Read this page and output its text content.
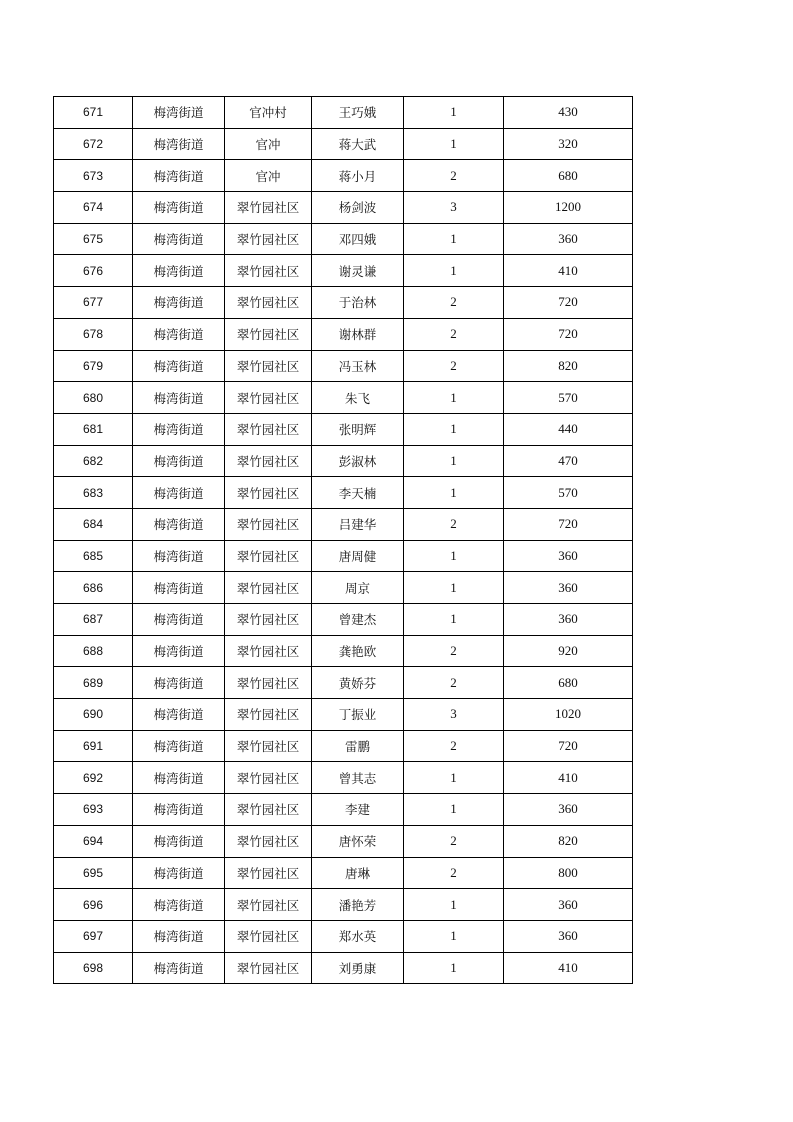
671	梅湾街道	官冲村	王巧娥	1	430
672	梅湾街道	官冲	蒋大武	1	320
673	梅湾街道	官冲	蒋小月	2	680
674	梅湾街道	翠竹园社区	杨剑波	3	1200
675	梅湾街道	翠竹园社区	邓四娥	1	360
676	梅湾街道	翠竹园社区	谢灵谦	1	410
677	梅湾街道	翠竹园社区	于治林	2	720
678	梅湾街道	翠竹园社区	谢林群	2	720
679	梅湾街道	翠竹园社区	冯玉林	2	820
680	梅湾街道	翠竹园社区	朱飞	1	570
681	梅湾街道	翠竹园社区	张明辉	1	440
682	梅湾街道	翠竹园社区	彭淑林	1	470
683	梅湾街道	翠竹园社区	李天楠	1	570
684	梅湾街道	翠竹园社区	吕建华	2	720
685	梅湾街道	翠竹园社区	唐周健	1	360
686	梅湾街道	翠竹园社区	周京	1	360
687	梅湾街道	翠竹园社区	曾建杰	1	360
688	梅湾街道	翠竹园社区	龚艳欧	2	920
689	梅湾街道	翠竹园社区	黄娇芬	2	680
690	梅湾街道	翠竹园社区	丁振业	3	1020
691	梅湾街道	翠竹园社区	雷鹏	2	720
692	梅湾街道	翠竹园社区	曾其志	1	410
693	梅湾街道	翠竹园社区	李建	1	360
694	梅湾街道	翠竹园社区	唐怀荣	2	820
695	梅湾街道	翠竹园社区	唐琳	2	800
696	梅湾街道	翠竹园社区	潘艳芳	1	360
697	梅湾街道	翠竹园社区	郑水英	1	360
698	梅湾街道	翠竹园社区	刘勇康	1	410
